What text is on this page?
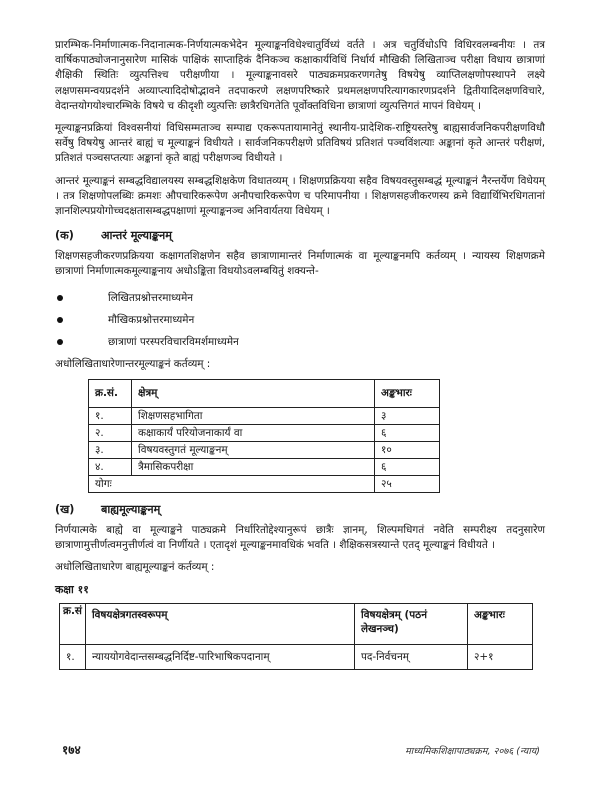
प्रारम्भिक-निर्माणात्मक-निदानात्मक-निर्णयात्मकभेदेन मूल्याङ्कनविधेश्चातुर्विध्यं वर्तते । अत्र चतुर्विधोऽपि विधिरवलम्बनीयः । तत्र वार्षिकपाठ्योजनानुसारेण मासिकं पाक्षिकं साप्ताहिकं दैनिकञ्च कक्षाकार्यविधिं निर्धार्य मौखिकी लिखिताञ्च परीक्षा विधाय छात्राणां शैक्षिकी स्थितिः व्युत्पत्तिश्च परीक्षणीया । मूल्याङ्कनावसरे पाठ्यक्रमप्रकरणगतेषु विषयेषु व्याप्तिलक्षणोपस्थापने लक्ष्ये लक्षणसमन्वयप्रदर्शने अव्याप्त्यादिदोषोद्भावने तदपाकरणे लक्षणपरिष्कारे प्रथमलक्षणपरित्यागकारणप्रदर्शने द्वितीयादिलक्षणविचारे, वेदान्तयोगयोश्चारम्भिके विषये च कीदृशी व्युत्पत्तिः छात्रैरधिगतेति पूर्वोक्तविधिना छात्राणां व्युत्पत्तिगतं मापनं विधेयम् ।

मूल्याङ्कनप्रक्रियां विश्वसनीयां विधिसम्मताञ्च सम्पाद्य एकरूपतायामानेतुं स्थानीय-प्रादेशिक-राष्ट्रियस्तरेषु बाह्यसार्वजनिकपरीक्षणविधौ सर्वेषु विषयेषु आन्तरं बाह्यं च मूल्याङ्कनं विधीयते । सार्वजनिकपरीक्षणे प्रतिविषयं प्रतिशतं पञ्चविंशत्याः अङ्कानां कृते आन्तरं परीक्षणं, प्रतिशतं पञ्चसप्तत्याः अङ्कानां कृते बाह्यं परीक्षणञ्च विधीयते ।

आन्तरं मूल्याङ्कनं सम्बद्धविद्यालयस्य सम्बद्धशिक्षकेण विधातव्यम् । शिक्षणप्रक्रियया सहैव विषयवस्तुसम्बद्धं मूल्याङ्कनं नैरन्तर्येण विधेयम् । तत्र शिक्षणोपलब्धिः क्रमशः औपचारिकरूपेण अनौपचारिकरूपेण च परिमापनीया । शिक्षणसहजीकरणस्य क्रमे विद्यार्थिभिरधिगतानां ज्ञानशिल्पप्रयोगोच्चदक्षतासम्बद्धपक्षाणां मूल्याङ्कनञ्च अनिवार्यतया विधेयम् ।

(क)	आन्तरं मूल्याङ्कनम्

शिक्षणसहजीकरणप्रक्रियया कक्षागतशिक्षणेन सहैव छात्राणामान्तरं निर्माणात्मकं वा मूल्याङ्कनमपि कर्तव्यम् । न्यायस्य शिक्षणक्रमे छात्राणां निर्माणात्मकमूल्याङ्कनाय अधोऽङ्किता विधयोऽवलम्बयितुं शक्यन्ते-

लिखितप्रश्नोत्तरमाध्यमेन
मौखिकप्रश्नोत्तरमाध्यमेन
छात्राणां परस्परविचारविमर्शमाध्यमेन
अधोलिखिताधारेणान्तरमूल्याङ्कनं कर्तव्यम् :
क्र.सं.	क्षेत्रम्	अङ्कभारः
१.	शिक्षणसहभागिता	३
२.	कक्षाकार्यं परियोजनाकार्यं वा	६
३.	विषयवस्तुगतं मूल्याङ्कनम्	१०
४.	त्रैमासिकपरीक्षा	६
योगः		२५
(ख)	बाह्यमूल्याङ्कनम्

निर्णयात्मके बाह्ये वा मूल्याङ्कने पाठ्यक्रमे निर्धारितोद्देश्यानुरूपं छात्रैः ज्ञानम्, शिल्पमधिगतं नवेति सम्परीक्ष्य तदनुसारेण छात्राणामुत्तीर्णत्वमनुत्तीर्णत्वं वा निर्णीयते । एतादृशं मूल्याङ्कनमावधिकं भवति । शैक्षिकसत्रस्यान्ते एतद् मूल्याङ्कनं विधीयते ।

अधोलिखिताधारेण बाह्यमूल्याङ्कनं कर्तव्यम् :
कक्षा ११
क्र.सं	विषयक्षेत्रगतस्वरूपम्	विषयक्षेत्रम् (पठनं लेखनञ्च)	अङ्कभारः
१.	न्याययोगवेदान्तसम्बद्धनिर्दिष्ट-पारिभाषिकपदानाम्	पद-निर्वचनम्	२+१
१७४	माध्यमिकशिक्षापाठ्यक्रम, २०७६ (न्याय)
